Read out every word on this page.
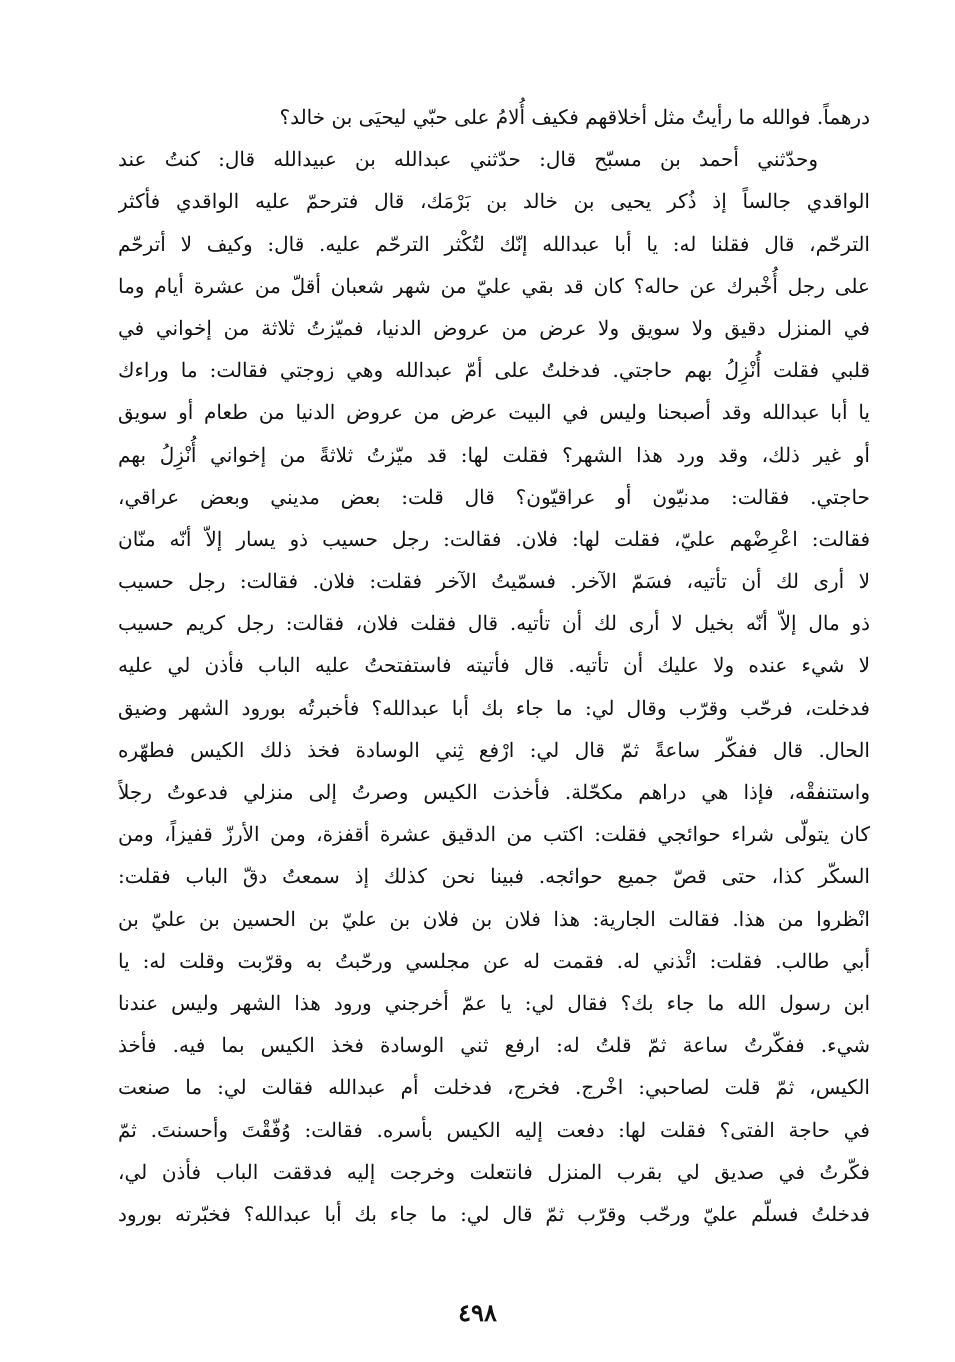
درهماً. فوالله ما رأيتُ مثل أخلاقهم فكيف أُلامُ على حبّي ليحيَى بن خالد؟
وحدّثني أحمد بن مسبّح قال: حدّثني عبدالله بن عبيدالله قال: كنتُ عند
الواقدي جالساً إذ ذُكر يحيى بن خالد بن بَرْمَك، قال فترحمّ عليه الواقدي فأكثر
الترحّم، قال فقلنا له: يا أبا عبدالله إنّك لتُكْثر الترحّم عليه. قال: وكيف لا أترحّم
على رجل أُخْبرك عن حاله؟ كان قد بقي عليّ من شهر شعبان أقلّ من عشرة أيام وما
في المنزل دقيق ولا سويق ولا عرض من عروض الدنيا، فميّزتُ ثلاثة من إخواني في
قلبي فقلت أُنْزِلُ بهم حاجتي. فدخلتُ على أمّ عبدالله وهي زوجتي فقالت: ما وراءك
يا أبا عبدالله وقد أصبحنا وليس في البيت عرض من عروض الدنيا من طعام أو سويق
أو غير ذلك، وقد ورد هذا الشهر؟ فقلت لها: قد ميّزتُ ثلاثةً من إخواني أُنْزِلُ بهم
حاجتي. فقالت: مدنيّون أو عراقيّون؟ قال قلت: بعض مديني وبعض عراقي،
فقالت: اعْرِضْهم عليّ، فقلت لها: فلان. فقالت: رجل حسيب ذو يسار إلاّ أنّه منّان
لا أرى لك أن تأتيه، فسَمّ الآخر. فسمّيتُ الآخر فقلت: فلان. فقالت: رجل حسيب
ذو مال إلاّ أنّه بخيل لا أرى لك أن تأتيه. قال فقلت فلان، فقالت: رجل كريم حسيب
لا شيء عنده ولا عليك أن تأتيه. قال فأتيته فاستفتحتُ عليه الباب فأذن لي عليه
فدخلت، فرحّب وقرّب وقال لي: ما جاء بك أبا عبدالله؟ فأخبرتُه بورود الشهر وضيق
الحال. قال ففكّر ساعةً ثمّ قال لي: ارْفع ثِني الوسادة فخذ ذلك الكيس فطهّره
واستنفقْه، فإذا هي دراهم مكحّلة. فأخذت الكيس وصرتُ إلى منزلي فدعوتُ رجلاً
كان يتولّى شراء حوائجي فقلت: اكتب من الدقيق عشرة أقفزة، ومن الأرزّ قفيزاً، ومن
السكّر كذا، حتى قصّ جميع حوائجه. فبينا نحن كذلك إذ سمعتُ دقّ الباب فقلت:
انْظروا من هذا. فقالت الجارية: هذا فلان بن فلان بن عليّ بن الحسين بن عليّ بن
أبي طالب. فقلت: ائْذني له. فقمت له عن مجلسي ورحّبتُ به وقرّبت وقلت له: يا
ابن رسول الله ما جاء بك؟ فقال لي: يا عمّ أخرجني ورود هذا الشهر وليس عندنا
شيء. ففكّرتُ ساعة ثمّ قلتُ له: ارفع ثني الوسادة فخذ الكيس بما فيه. فأخذ
الكيس، ثمّ قلت لصاحبي: اخْرج. فخرج، فدخلت أم عبدالله فقالت لي: ما صنعت
في حاجة الفتى؟ فقلت لها: دفعت إليه الكيس بأسره. فقالت: وُفّقْتَ وأحسنتَ. ثمّ
فكّرتُ في صديق لي بقرب المنزل فانتعلت وخرجت إليه فدققت الباب فأذن لي،
فدخلتُ فسلّم عليّ ورحّب وقرّب ثمّ قال لي: ما جاء بك أبا عبدالله؟ فخبّرته بورود
٤٩٨
